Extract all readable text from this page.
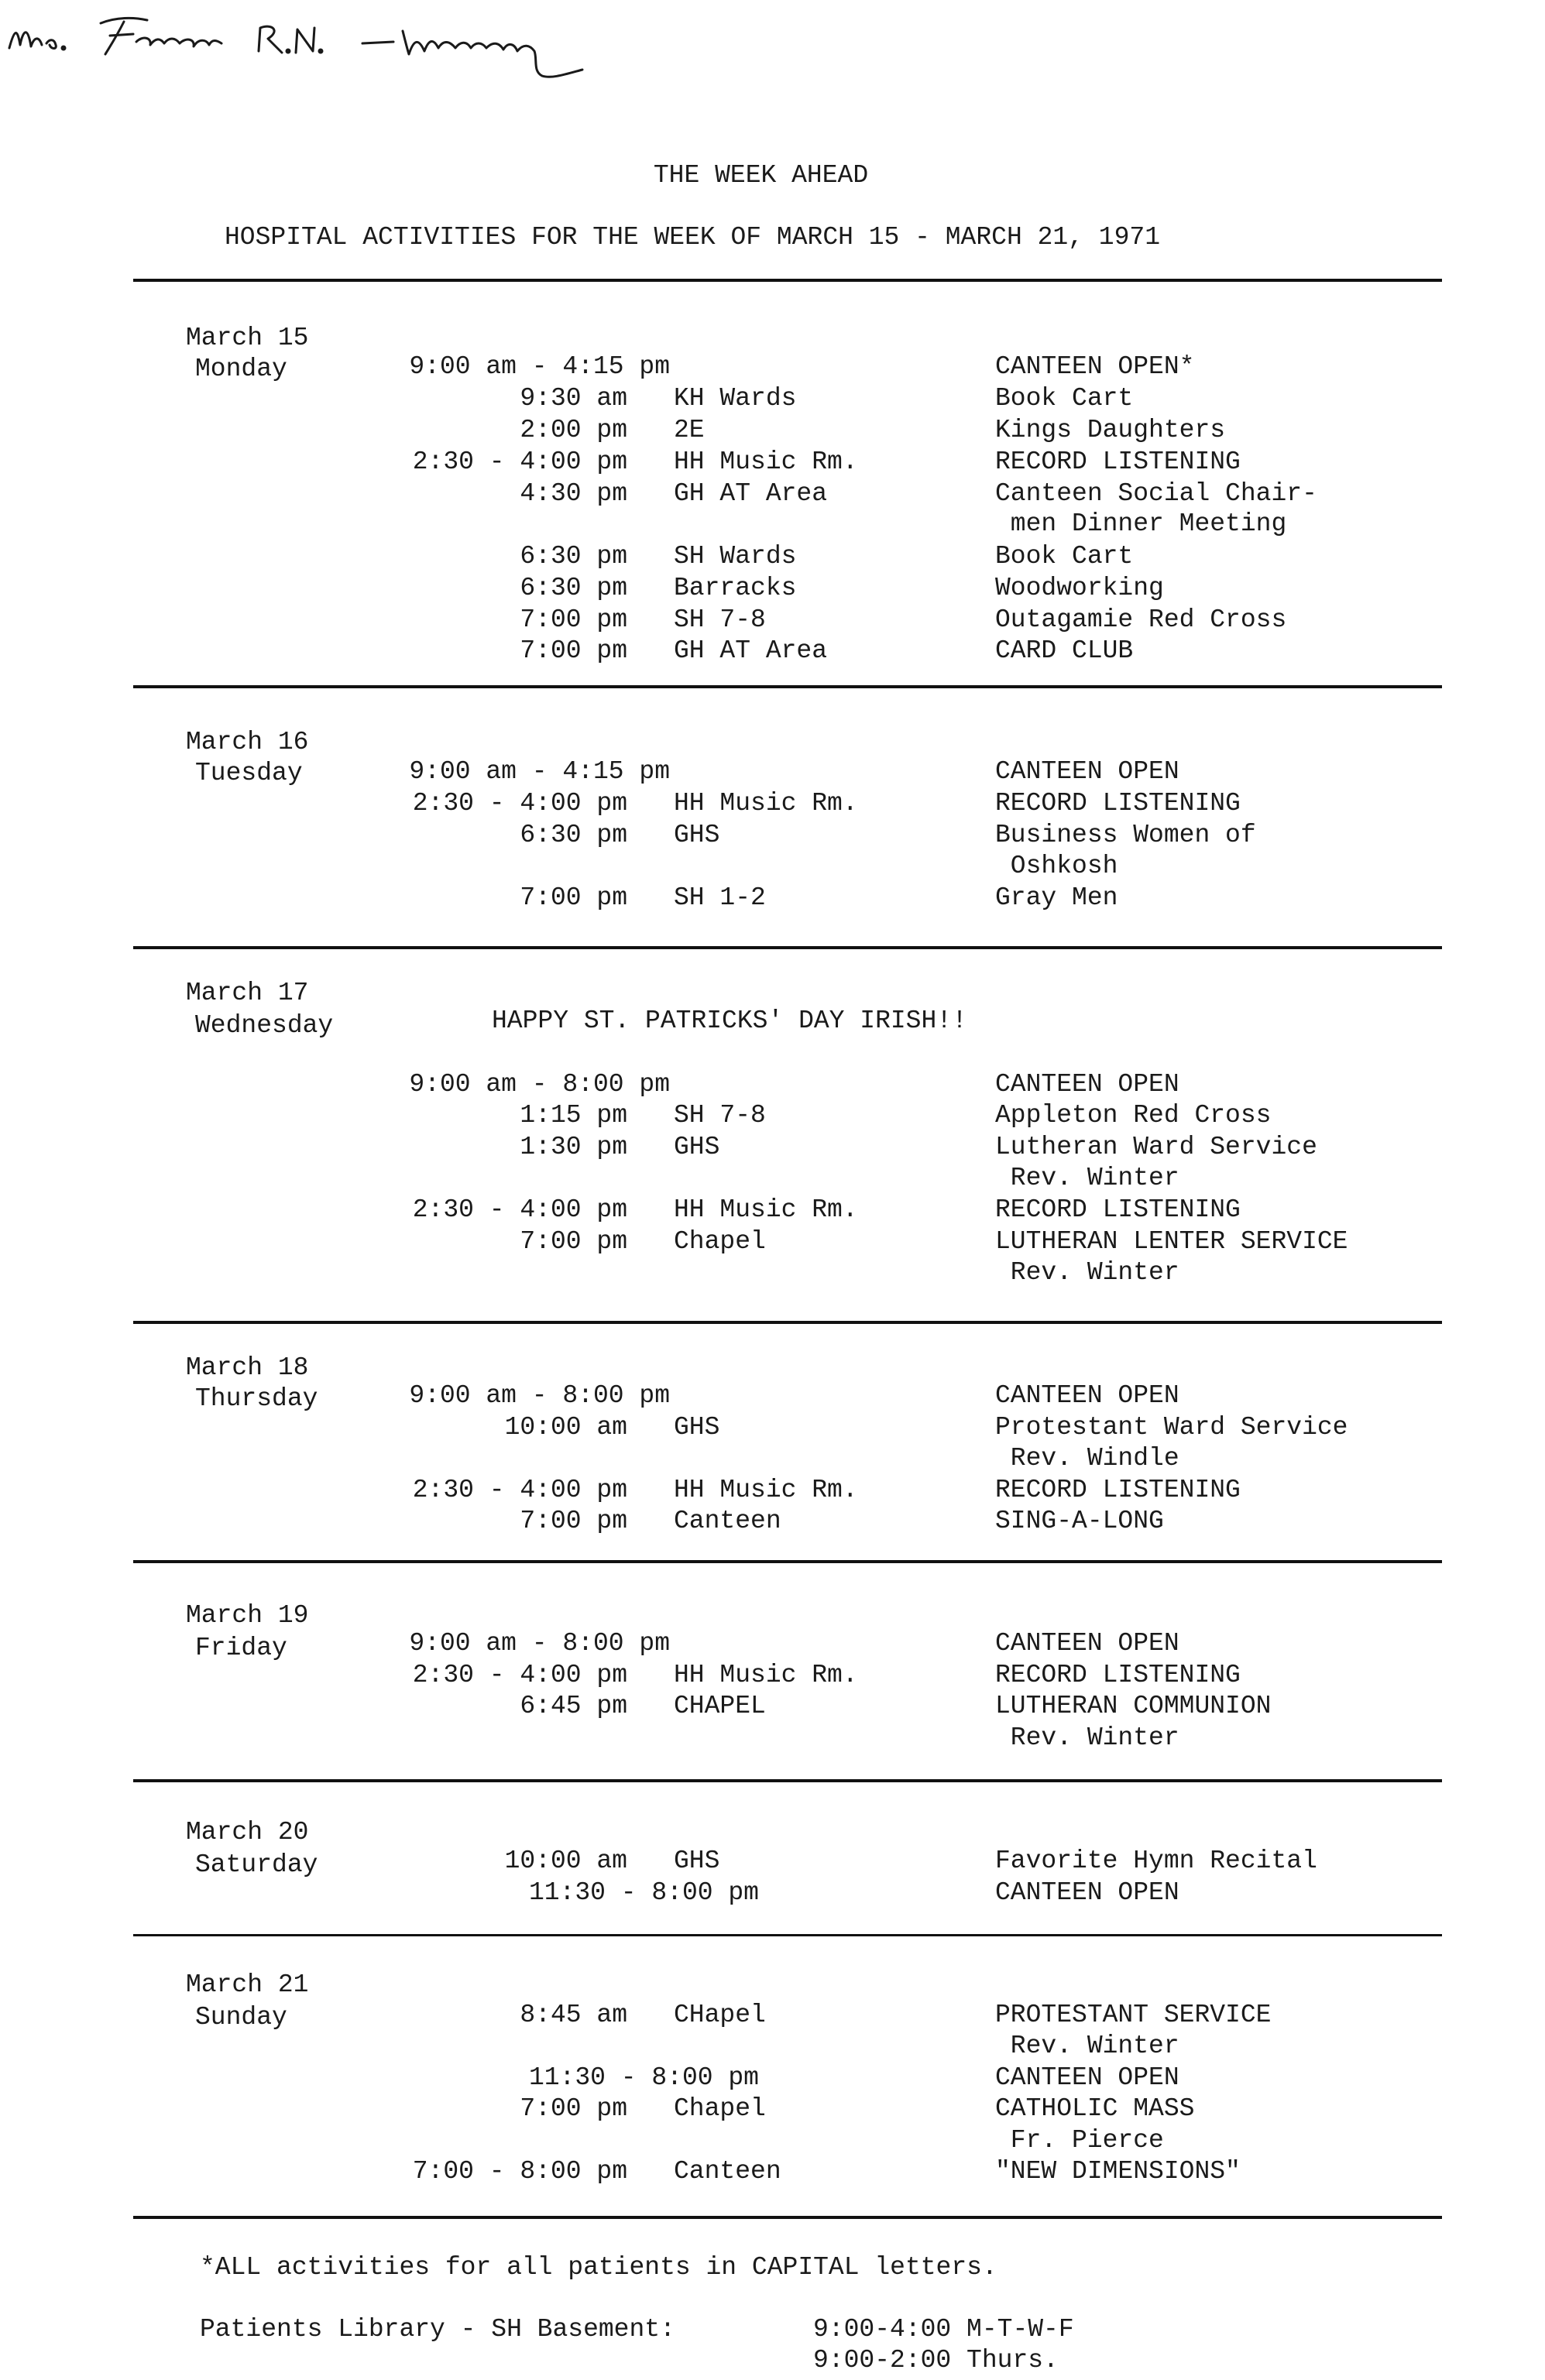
THE WEEK AHEAD
HOSPITAL ACTIVITIES FOR THE WEEK OF MARCH 15 - MARCH 21, 1971
March 15
Monday	9:00 am - 4:15 pm	CANTEEN OPEN*
9:30 am KH Wards	Book Cart
2:00 pm 2E	Kings Daughters
2:30 - 4:00 pm HH Music Rm.	RECORD LISTENING
4:30 pm GH AT Area	Canteen Social Chair-
men Dinner Meeting
6:30 pm SH Wards	Book Cart
6:30 pm Barracks	Woodworking
7:00 pm SH 7-8	Outagamie Red Cross
7:00 pm GH AT Area	CARD CLUB
March 16
Tuesday	9:00 am - 4:15 pm	CANTEEN OPEN
2:30 - 4:00 pm HH Music Rm.	RECORD LISTENING
6:30 pm GHS	Business Women of
Oshkosh
7:00 pm SH 1-2	Gray Men
March 17
Wednesday	HAPPY ST. PATRICKS' DAY IRISH!!
9:00 am - 8:00 pm	CANTEEN OPEN
1:15 pm SH 7-8	Appleton Red Cross
1:30 pm GHS	Lutheran Ward Service
Rev. Winter
2:30 - 4:00 pm HH Music Rm.	RECORD LISTENING
7:00 pm Chapel	LUTHERAN LENTER SERVICE
Rev. Winter
March 18
Thursday	9:00 am - 8:00 pm	CANTEEN OPEN
10:00 am GHS	Protestant Ward Service
Rev. Windle
2:30 - 4:00 pm HH Music Rm.	RECORD LISTENING
7:00 pm Canteen	SING-A-LONG
March 19
Friday	9:00 am - 8:00 pm	CANTEEN OPEN
2:30 - 4:00 pm HH Music Rm.	RECORD LISTENING
6:45 pm CHAPEL	LUTHERAN COMMUNION
Rev. Winter
March 20
Saturday	10:00 am GHS	Favorite Hymn Recital
11:30 - 8:00 pm	CANTEEN OPEN
March 21
Sunday	8:45 am CHapel	PROTESTANT SERVICE
Rev. Winter
11:30 - 8:00 pm	CANTEEN OPEN
7:00 pm Chapel	CATHOLIC MASS
Fr. Pierce
7:00 - 8:00 pm Canteen	"NEW DIMENSIONS"
*ALL activities for all patients in CAPITAL letters.
Patients Library - SH Basement:	9:00-4:00 M-T-W-F
9:00-2:00 Thurs.
